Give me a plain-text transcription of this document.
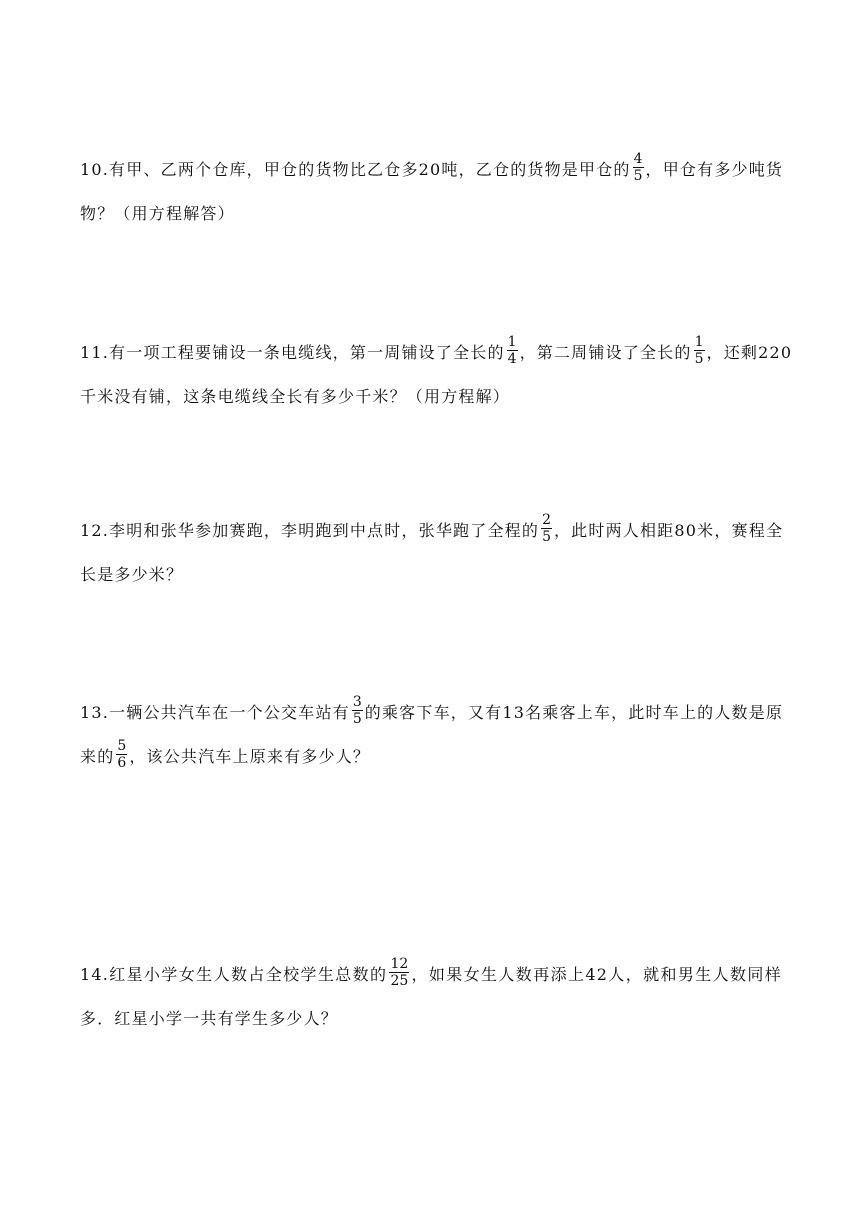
10.有甲、乙两个仓库，甲仓的货物比乙仓多20吨，乙仓的货物是甲仓的 $\frac{4}{5}$ ，甲仓有多少吨货
物？（用方程解答）
11.有一项工程要铺设一条电缆线，第一周铺设了全长的 $\frac{1}{4}$ ，第二周铺设了全长的 $\frac{1}{5}$ ，还剩220
千米没有铺，这条电缆线全长有多少千米？（用方程解）
12.李明和张华参加赛跑，李明跑到中点时，张华跑了全程的 $\frac{2}{5}$ ，此时两人相距80米，赛程全
长是多少米？
13.一辆公共汽车在一个公交车站有 $\frac{3}{5}$ 的乘客下车，又有13名乘客上车，此时车上的人数是原
来的 $\frac{5}{6}$ ，该公共汽车上原来有多少人？
14.红星小学女生人数占全校学生总数的 $\frac{12}{25}$ ，如果女生人数再添上42人，就和男生人数同样
多．红星小学一共有学生多少人？
